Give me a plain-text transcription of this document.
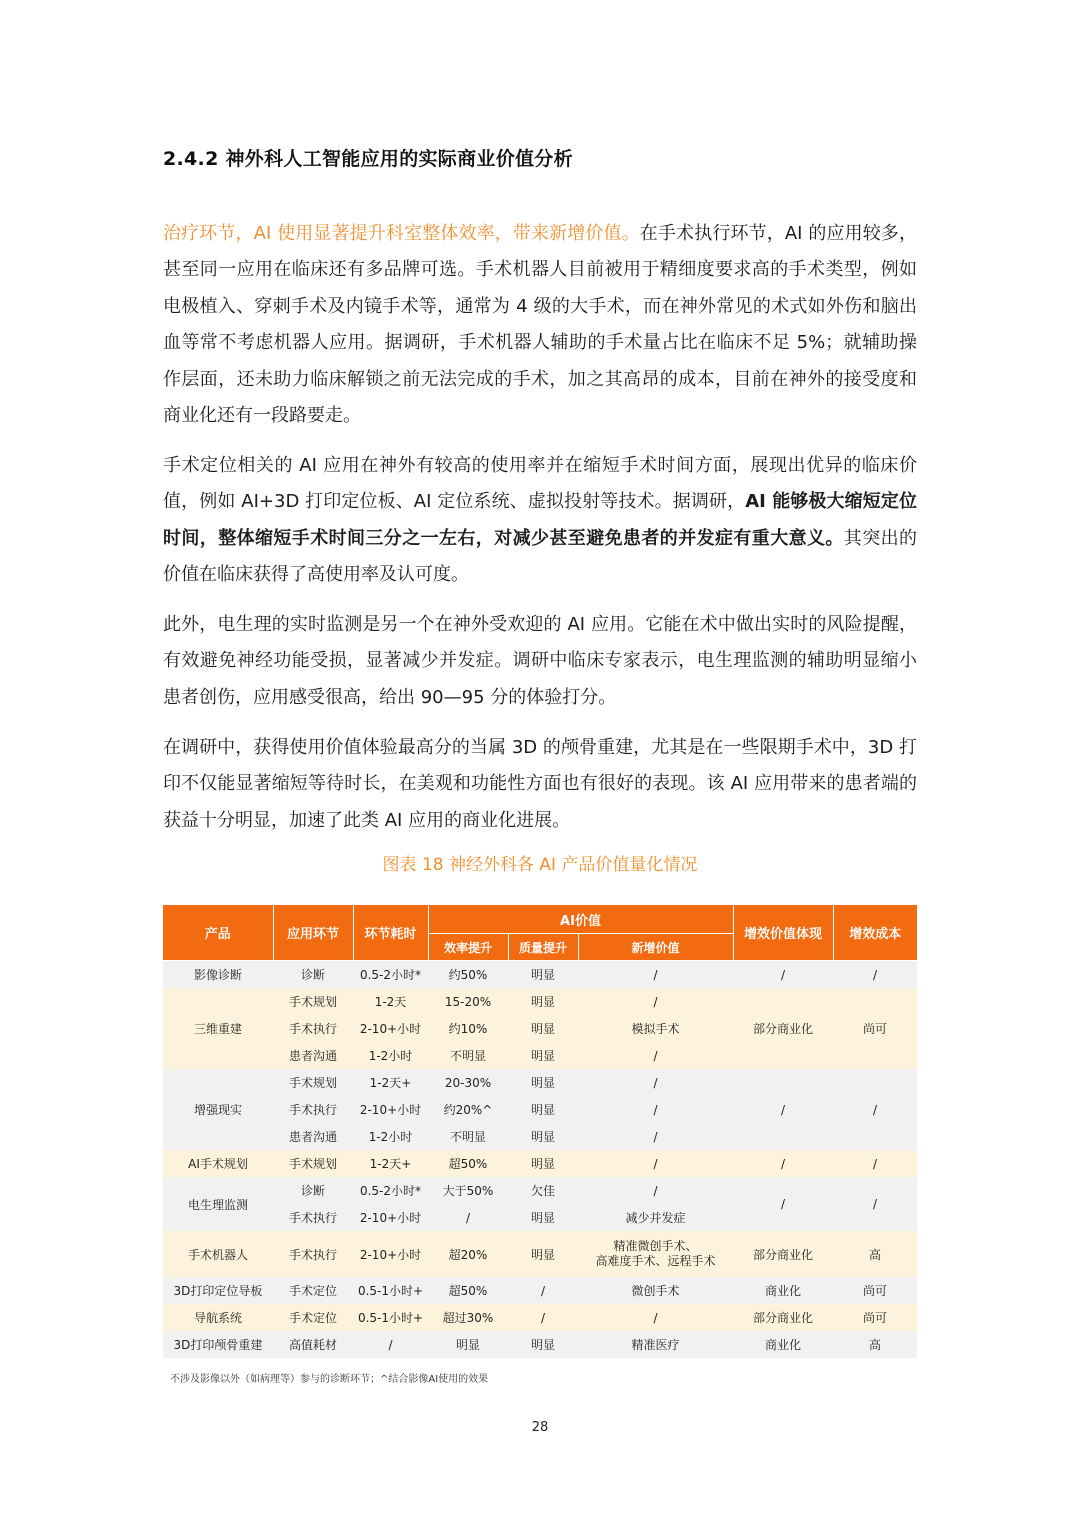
2.4.2 神外科人工智能应用的实际商业价值分析

治疗环节，AI 使用显著提升科室整体效率，带来新增价值。在手术执行环节，AI 的应用较多，甚至同一应用在临床还有多品牌可选。手术机器人目前被用于精细度要求高的手术类型，例如电极植入、穿刺手术及内镜手术等，通常为 4 级的大手术，而在神外常见的术式如外伤和脑出血等常不考虑机器人应用。据调研，手术机器人辅助的手术量占比在临床不足 5%；就辅助操作层面，还未助力临床解锁之前无法完成的手术，加之其高昂的成本，目前在神外的接受度和商业化还有一段路要走。

手术定位相关的 AI 应用在神外有较高的使用率并在缩短手术时间方面，展现出优异的临床价值，例如 AI+3D 打印定位板、AI 定位系统、虚拟投射等技术。据调研，AI 能够极大缩短定位时间，整体缩短手术时间三分之一左右，对减少甚至避免患者的并发症有重大意义。其突出的价值在临床获得了高使用率及认可度。

此外，电生理的实时监测是另一个在神外受欢迎的 AI 应用。它能在术中做出实时的风险提醒，有效避免神经功能受损，显著减少并发症。调研中临床专家表示，电生理监测的辅助明显缩小患者创伤，应用感受很高，给出 90—95 分的体验打分。

在调研中，获得使用价值体验最高分的当属 3D 的颅骨重建，尤其是在一些限期手术中，3D 打印不仅能显著缩短等待时长，在美观和功能性方面也有很好的表现。该 AI 应用带来的患者端的获益十分明显，加速了此类 AI 应用的商业化进展。

图表 18 神经外科各 AI 产品价值量化情况
产品	应用环节	环节耗时	AI价值			增效价值体现	增效成本
			效率提升	质量提升	新增价值		
影像诊断	诊断	0.5-2小时*	约50%	明显	/	/	/
三维重建	手术规划	1-2天	15-20%	明显	/	部分商业化	尚可
	手术执行	2-10+小时	约10%	明显	模拟手术		
	患者沟通	1-2小时	不明显	明显	/		
增强现实	手术规划	1-2天+	20-30%	明显	/	/	/
	手术执行	2-10+小时	约20%^	明显	/		
	患者沟通	1-2小时	不明显	明显	/		
AI手术规划	手术规划	1-2天+	超50%	明显	/	/	/
电生理监测	诊断	0.5-2小时*	大于50%	欠佳	/	/	/
	手术执行	2-10+小时	/	明显	减少并发症		
手术机器人	手术执行	2-10+小时	超20%	明显	精准微创手术、
高难度手术、远程手术	部分商业化	高
3D打印定位导板	手术定位	0.5-1小时+	超50%	/	微创手术	商业化	尚可
导航系统	手术定位	0.5-1小时+	超过30%	/	/	部分商业化	尚可
3D打印颅骨重建	高值耗材	/	明显	明显	精准医疗	商业化	高
不涉及影像以外（如病理等）参与的诊断环节；^结合影像AI使用的效果
28
